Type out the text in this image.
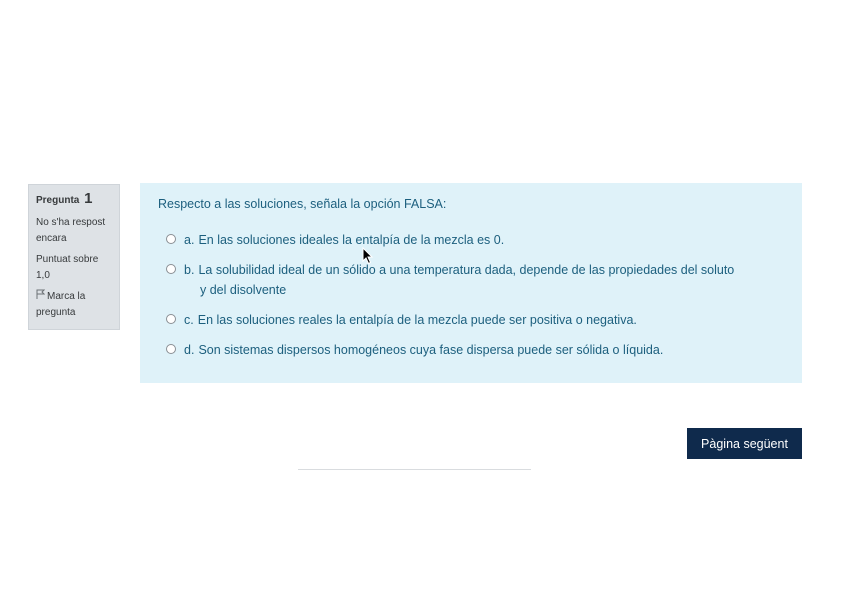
Pregunta 1
No s'ha respost
encara
Puntuat sobre
1,0
Marca la
pregunta
Respecto a las soluciones, señala la opción FALSA:
a. En las soluciones ideales la entalpía de la mezcla es 0.
b. La solubilidad ideal de un sólido a una temperatura dada, depende de las propiedades del soluto
y del disolvente
c. En las soluciones reales la entalpía de la mezcla puede ser positiva o negativa.
d. Son sistemas dispersos homogéneos cuya fase dispersa puede ser sólida o líquida.
Pàgina següent
